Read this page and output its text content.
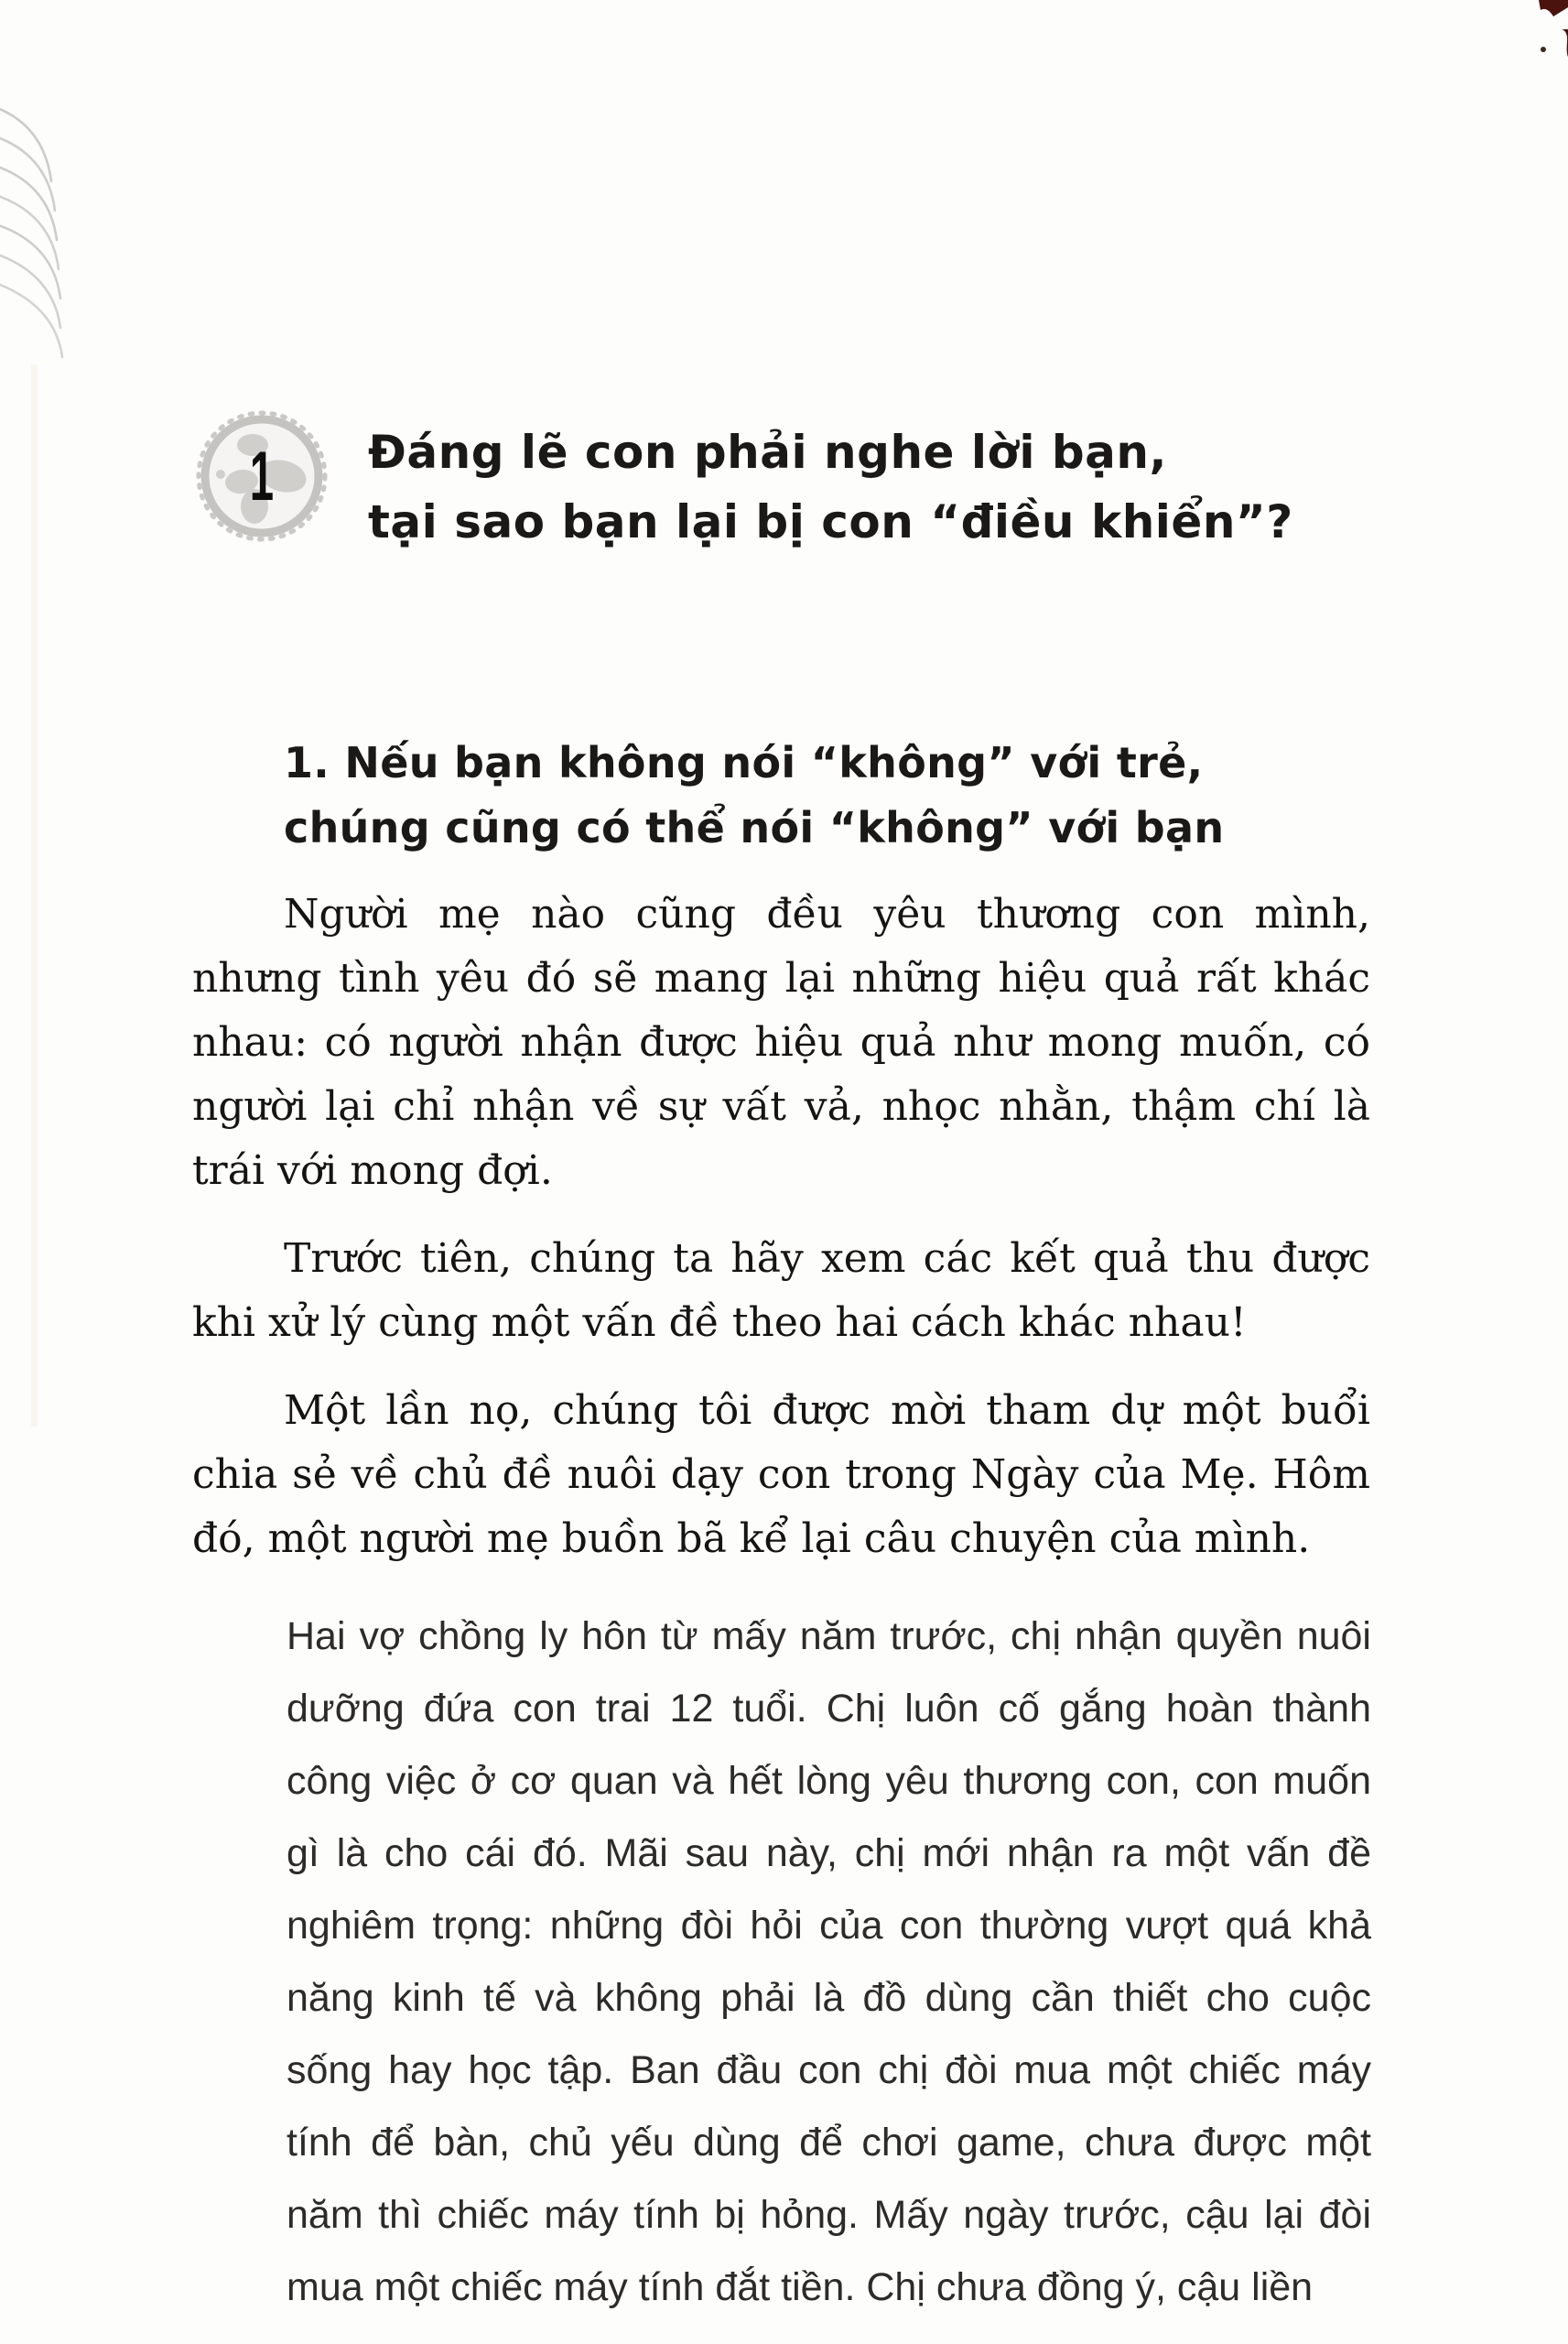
1	Đáng lẽ con phải nghe lời bạn,
tại sao bạn lại bị con “điều khiển”?
1. Nếu bạn không nói “không” với trẻ,
chúng cũng có thể nói “không” với bạn

Người mẹ nào cũng đều yêu thương con mình, nhưng tình yêu đó sẽ mang lại những hiệu quả rất khác nhau: có người nhận được hiệu quả như mong muốn, có người lại chỉ nhận về sự vất vả, nhọc nhằn, thậm chí là trái với mong đợi.

Trước tiên, chúng ta hãy xem các kết quả thu được khi xử lý cùng một vấn đề theo hai cách khác nhau!

Một lần nọ, chúng tôi được mời tham dự một buổi chia sẻ về chủ đề nuôi dạy con trong Ngày của Mẹ. Hôm đó, một người mẹ buồn bã kể lại câu chuyện của mình.

Hai vợ chồng ly hôn từ mấy năm trước, chị nhận quyền nuôi dưỡng đứa con trai 12 tuổi. Chị luôn cố gắng hoàn thành công việc ở cơ quan và hết lòng yêu thương con, con muốn gì là cho cái đó. Mãi sau này, chị mới nhận ra một vấn đề nghiêm trọng: những đòi hỏi của con thường vượt quá khả năng kinh tế và không phải là đồ dùng cần thiết cho cuộc sống hay học tập. Ban đầu con chị đòi mua một chiếc máy tính để bàn, chủ yếu dùng để chơi game, chưa được một năm thì chiếc máy tính bị hỏng. Mấy ngày trước, cậu lại đòi mua một chiếc máy tính đắt tiền. Chị chưa đồng ý, cậu liền
